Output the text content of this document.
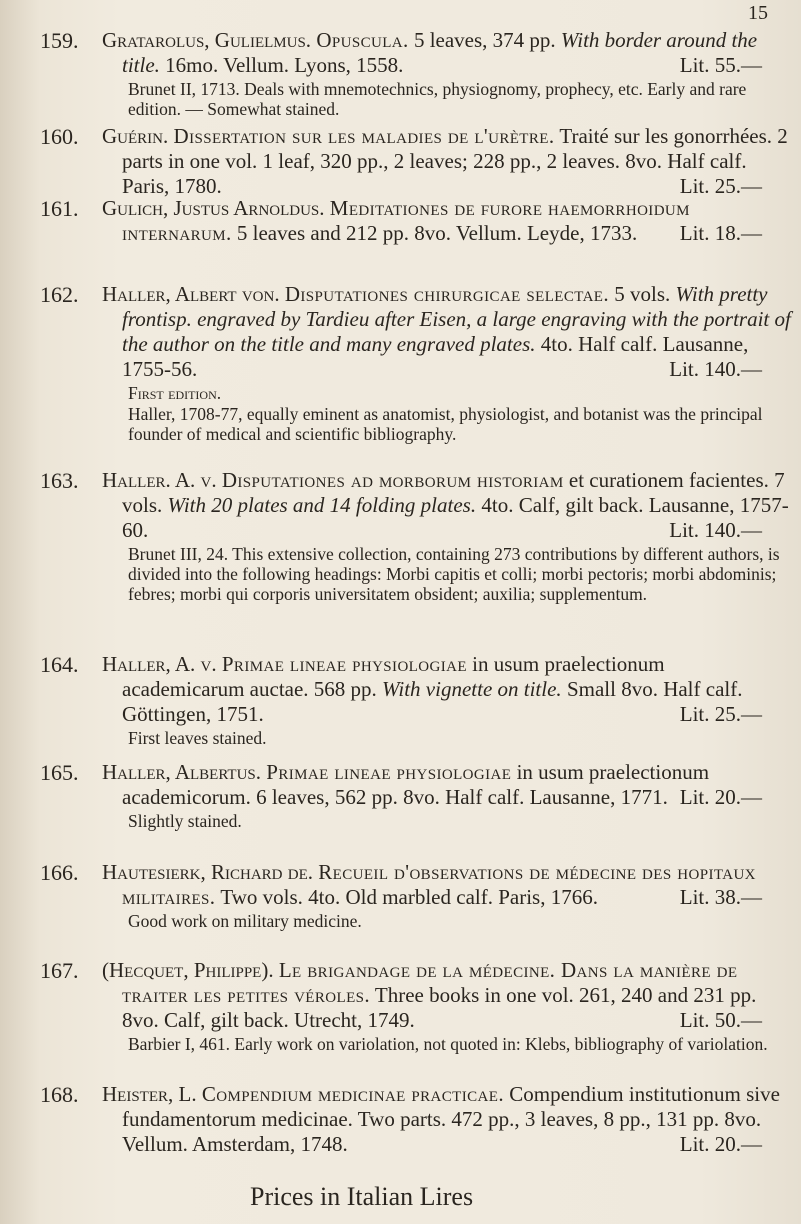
15
159.	Gratarolus, Gulielmus. Opuscula. 5 leaves, 374 pp. With border around the title. 16mo. Vellum. Lyons, 1558.	Lit. 55.—
Brunet II, 1713. Deals with mnemotechnics, physiognomy, prophecy, etc. Early and rare edition. — Somewhat stained.
160.	Guérin. Dissertation sur les maladies de l'urètre. Traité sur les gonorrhées. 2 parts in one vol. 1 leaf, 320 pp., 2 leaves; 228 pp., 2 leaves. 8vo. Half calf. Paris, 1780.	Lit. 25.—
161.	Gulich, Justus Arnoldus. Meditationes de furore haemorrhoidum internarum. 5 leaves and 212 pp. 8vo. Vellum. Leyde, 1733. Lit. 18.—
162.	Haller, Albert von. Disputationes chirurgicae selectae. 5 vols. With pretty frontisp. engraved by Tardieu after Eisen, a large engraving with the portrait of the author on the title and many engraved plates. 4to. Half calf. Lausanne, 1755-56.	Lit. 140.—
First edition.
Haller, 1708-77, equally eminent as anatomist, physiologist, and botanist was the principal founder of medical and scientific bibliography.
163.	Haller. A. v. Disputationes ad morborum historiam et curationem facientes. 7 vols. With 20 plates and 14 folding plates. 4to. Calf, gilt back. Lausanne, 1757-60.	Lit. 140.—
Brunet III, 24. This extensive collection, containing 273 contributions by different authors, is divided into the following headings: Morbi capitis et colli; morbi pectoris; morbi abdominis; febres; morbi qui corporis universitatem obsident; auxilia; supplementum.
164.	Haller, A. v. Primae lineae physiologiae in usum praelectionum academicarum auctae. 568 pp. With vignette on title. Small 8vo. Half calf. Göttingen, 1751.	Lit. 25.—
First leaves stained.
165.	Haller, Albertus. Primae lineae physiologiae in usum praelectionum academicorum. 6 leaves, 562 pp. 8vo. Half calf. Lausanne, 1771. Lit. 20.—
Slightly stained.
166.	Hautesierk, Richard de. Recueil d'observations de médecine des hopitaux militaires. Two vols. 4to. Old marbled calf. Paris, 1766.	Lit. 38.—
Good work on military medicine.
167.	(Hecquet, Philippe). Le brigandage de la médecine. Dans la manière de traiter les petites véroles. Three books in one vol. 261, 240 and 231 pp. 8vo. Calf, gilt back. Utrecht, 1749.	Lit. 50.—
Barbier I, 461. Early work on variolation, not quoted in: Klebs, bibliography of variolation.
168.	Heister, L. Compendium medicinae practicae. Compendium institutionum sive fundamentorum medicinae. Two parts. 472 pp., 3 leaves, 8 pp., 131 pp. 8vo. Vellum. Amsterdam, 1748.	Lit. 20.—
Prices in Italian Lires
